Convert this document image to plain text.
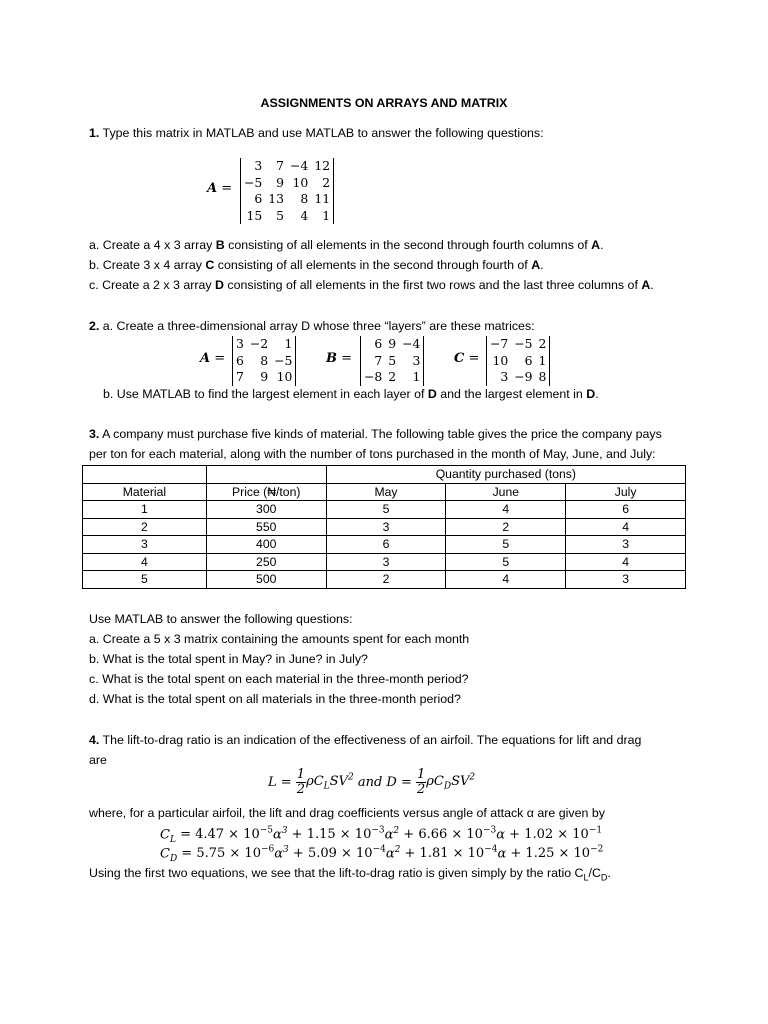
ASSIGNMENTS ON ARRAYS AND MATRIX
1. Type this matrix in MATLAB and use MATLAB to answer the following questions:
A =
3	7	−4	12
−5	9	10	2
6	13	8	11
15	5	4	1
a. Create a 4 x 3 array B consisting of all elements in the second through fourth columns of A.
b. Create 3 x 4 array C consisting of all elements in the second through fourth of A.
c. Create a 2 x 3 array D consisting of all elements in the first two rows and the last three columns of A.
2. a. Create a three-dimensional array D whose three “layers” are these matrices:
A =
3	−2	1
6	8	−5
7	9	10
B =
6	9	−4
7	5	3
−8	2	1
C =
−7	−5	2
10	6	1
3	−9	8
b. Use MATLAB to find the largest element in each layer of D and the largest element in D.
3. A company must purchase five kinds of material. The following table gives the price the company pays
per ton for each material, along with the number of tons purchased in the month of May, June, and July:
		Quantity purchased (tons)		
Material	Price (₦/ton)	May	June	July
1	300	5	4	6
2	550	3	2	4
3	400	6	5	3
4	250	3	5	4
5	500	2	4	3
Use MATLAB to answer the following questions:
a. Create a 5 x 3 matrix containing the amounts spent for each month
b. What is the total spent in May? in June? in July?
c. What is the total spent on each material in the three-month period?
d. What is the total spent on all materials in the three-month period?
4. The lift-to-drag ratio is an indication of the effectiveness of an airfoil. The equations for lift and drag
are
$L = \frac{1}{2} \rho C_LSV^2$ and $D = \frac{1}{2} \rho C_DSV^2$
where, for a particular airfoil, the lift and drag coefficients versus angle of attack α are given by
$C_L = 4.47 \times 10^{-5}\alpha^3 + 1.15 \times 10^{-3}\alpha^2 + 6.66 \times 10^{-3}\alpha + 1.02 \times 10^{-1}$
$C_D = 5.75 \times 10^{-6}\alpha^3 + 5.09 \times 10^{-4}\alpha^2 + 1.81 \times 10^{-4}\alpha + 1.25 \times 10^{-2}$
Using the first two equations, we see that the lift-to-drag ratio is given simply by the ratio $C_L/C_D$.
